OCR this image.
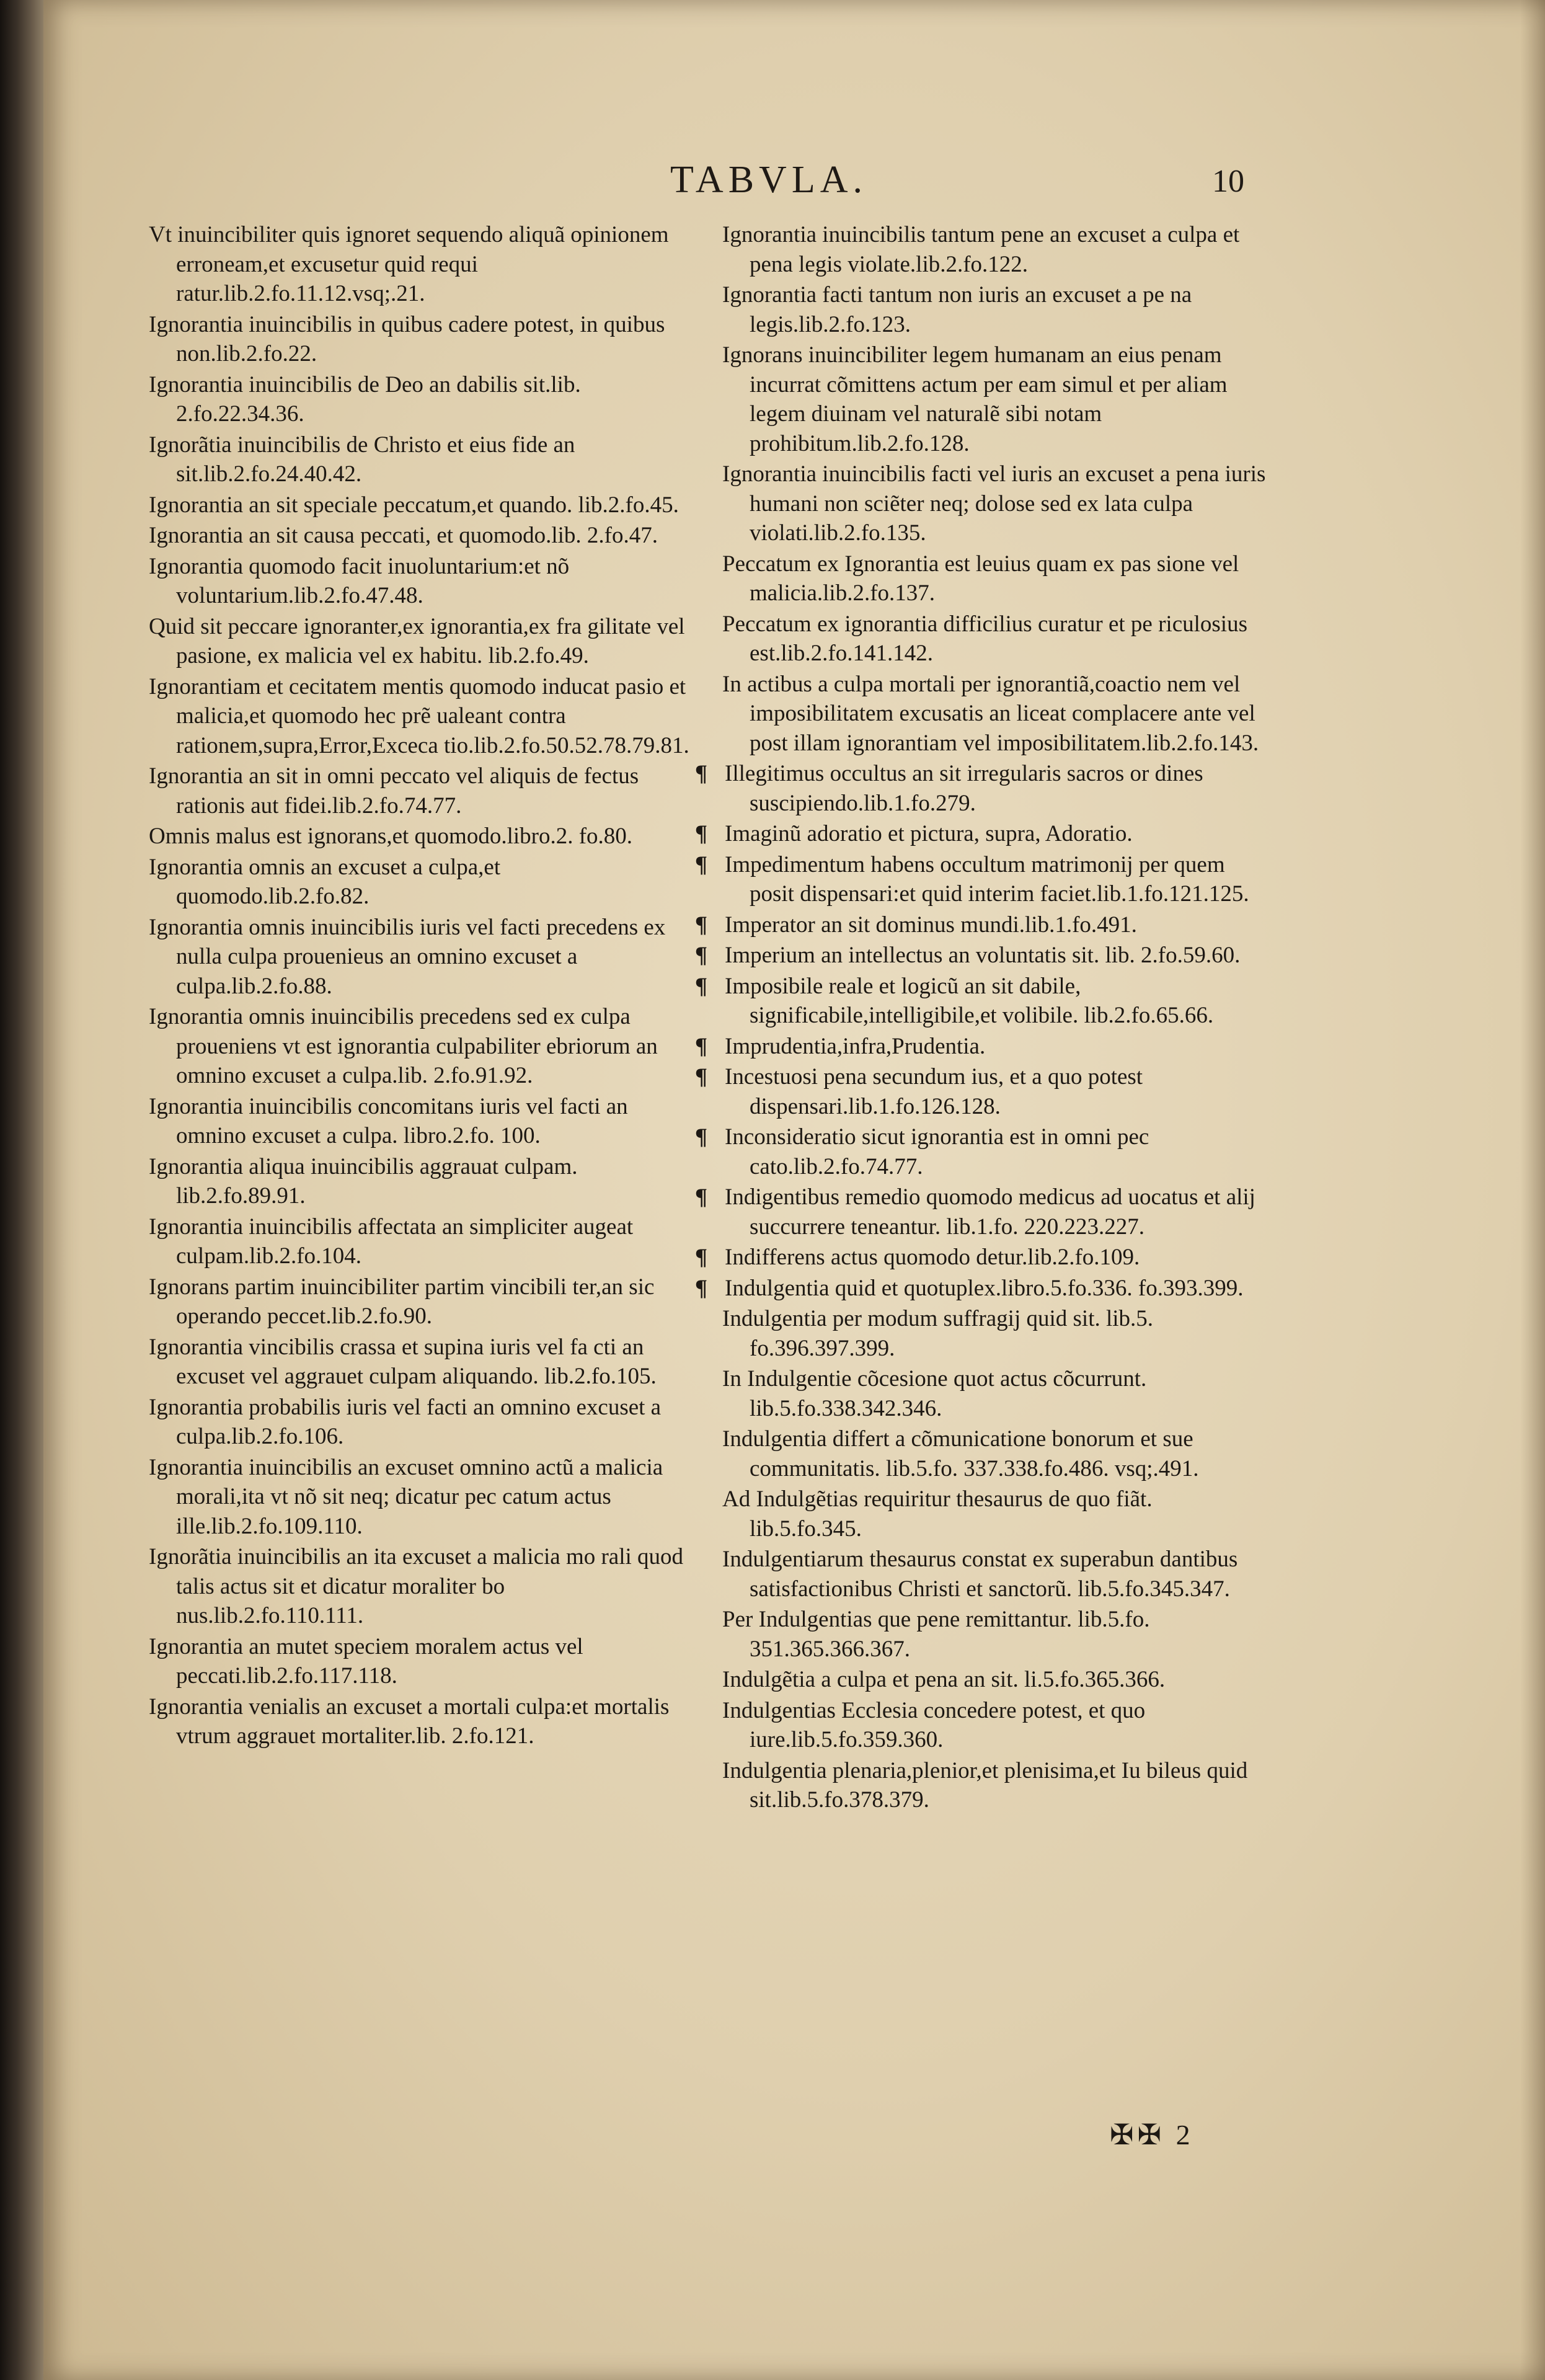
TABVLA.	10
Vt inuincibiliter quis ignoret sequendo aliquã opinionem erroneam,et excusetur quid requi ratur.lib.2.fo.11.12.vsq;.21.
Ignorantia inuincibilis in quibus cadere potest, in quibus non.lib.2.fo.22.
Ignorantia inuincibilis de Deo an dabilis sit.lib. 2.fo.22.34.36.
Ignorãtia inuincibilis de Christo et eius fide an sit.lib.2.fo.24.40.42.
Ignorantia an sit speciale peccatum,et quando. lib.2.fo.45.
Ignorantia an sit causa peccati, et quomodo.lib. 2.fo.47.
Ignorantia quomodo facit inuoluntarium:et nõ voluntarium.lib.2.fo.47.48.
Quid sit peccare ignoranter,ex ignorantia,ex fra gilitate vel pasione, ex malicia vel ex habitu. lib.2.fo.49.
Ignorantiam et cecitatem mentis quomodo inducat pasio et malicia,et quomodo hec prẽ ualeant contra rationem,supra,Error,Exceca tio.lib.2.fo.50.52.78.79.81.
Ignorantia an sit in omni peccato vel aliquis de fectus rationis aut fidei.lib.2.fo.74.77.
Omnis malus est ignorans,et quomodo.libro.2. fo.80.
Ignorantia omnis an excuset a culpa,et quomodo.lib.2.fo.82.
Ignorantia omnis inuincibilis iuris vel facti precedens ex nulla culpa prouenieus an omnino excuset a culpa.lib.2.fo.88.
Ignorantia omnis inuincibilis precedens sed ex culpa proueniens vt est ignorantia culpabiliter ebriorum an omnino excuset a culpa.lib. 2.fo.91.92.
Ignorantia inuincibilis concomitans iuris vel facti an omnino excuset a culpa. libro.2.fo. 100.
Ignorantia aliqua inuincibilis aggrauat culpam. lib.2.fo.89.91.
Ignorantia inuincibilis affectata an simpliciter augeat culpam.lib.2.fo.104.
Ignorans partim inuincibiliter partim vincibili ter,an sic operando peccet.lib.2.fo.90.
Ignorantia vincibilis crassa et supina iuris vel fa cti an excuset vel aggrauet culpam aliquando. lib.2.fo.105.
Ignorantia probabilis iuris vel facti an omnino excuset a culpa.lib.2.fo.106.
Ignorantia inuincibilis an excuset omnino actũ a malicia morali,ita vt nõ sit neq; dicatur pec catum actus ille.lib.2.fo.109.110.
Ignorãtia inuincibilis an ita excuset a malicia mo rali quod talis actus sit et dicatur moraliter bo nus.lib.2.fo.110.111.
Ignorantia an mutet speciem moralem actus vel peccati.lib.2.fo.117.118.
Ignorantia venialis an excuset a mortali culpa:et mortalis vtrum aggrauet mortaliter.lib. 2.fo.121.
Ignorantia inuincibilis tantum pene an excuset a culpa et pena legis violate.lib.2.fo.122.
Ignorantia facti tantum non iuris an excuset a pe na legis.lib.2.fo.123.
Ignorans inuincibiliter legem humanam an eius penam incurrat cõmittens actum per eam simul et per aliam legem diuinam vel naturalẽ sibi notam prohibitum.lib.2.fo.128.
Ignorantia inuincibilis facti vel iuris an excuset a pena iuris humani non sciẽter neq; dolose sed ex lata culpa violati.lib.2.fo.135.
Peccatum ex Ignorantia est leuius quam ex pas sione vel malicia.lib.2.fo.137.
Peccatum ex ignorantia difficilius curatur et pe riculosius est.lib.2.fo.141.142.
In actibus a culpa mortali per ignorantiã,coactio nem vel imposibilitatem excusatis an liceat complacere ante vel post illam ignorantiam vel imposibilitatem.lib.2.fo.143.
¶ Illegitimus occultus an sit irregularis sacros or dines suscipiendo.lib.1.fo.279.
¶ Imaginũ adoratio et pictura, supra, Adoratio.
¶ Impedimentum habens occultum matrimonij per quem posit dispensari:et quid interim faciet.lib.1.fo.121.125.
¶ Imperator an sit dominus mundi.lib.1.fo.491.
¶ Imperium an intellectus an voluntatis sit. lib. 2.fo.59.60.
¶ Imposibile reale et logicũ an sit dabile, significabile,intelligibile,et volibile. lib.2.fo.65.66.
¶ Imprudentia,infra,Prudentia.
¶ Incestuosi pena secundum ius, et a quo potest dispensari.lib.1.fo.126.128.
¶ Inconsideratio sicut ignorantia est in omni pec cato.lib.2.fo.74.77.
¶ Indigentibus remedio quomodo medicus ad uocatus et alij succurrere teneantur. lib.1.fo. 220.223.227.
¶ Indifferens actus quomodo detur.lib.2.fo.109.
¶ Indulgentia quid et quotuplex.libro.5.fo.336. fo.393.399.
Indulgentia per modum suffragij quid sit. lib.5. fo.396.397.399.
In Indulgentie cõcesione quot actus cõcurrunt. lib.5.fo.338.342.346.
Indulgentia differt a cõmunicatione bonorum et sue communitatis. lib.5.fo. 337.338.fo.486. vsq;.491.
Ad Indulgẽtias requiritur thesaurus de quo fiãt. lib.5.fo.345.
Indulgentiarum thesaurus constat ex superabun dantibus satisfactionibus Christi et sanctorũ. lib.5.fo.345.347.
Per Indulgentias que pene remittantur. lib.5.fo. 351.365.366.367.
Indulgẽtia a culpa et pena an sit. li.5.fo.365.366.
Indulgentias Ecclesia concedere potest, et quo iure.lib.5.fo.359.360.
Indulgentia plenaria,plenior,et plenisima,et Iu bileus quid sit.lib.5.fo.378.379.
✠✠ 2
